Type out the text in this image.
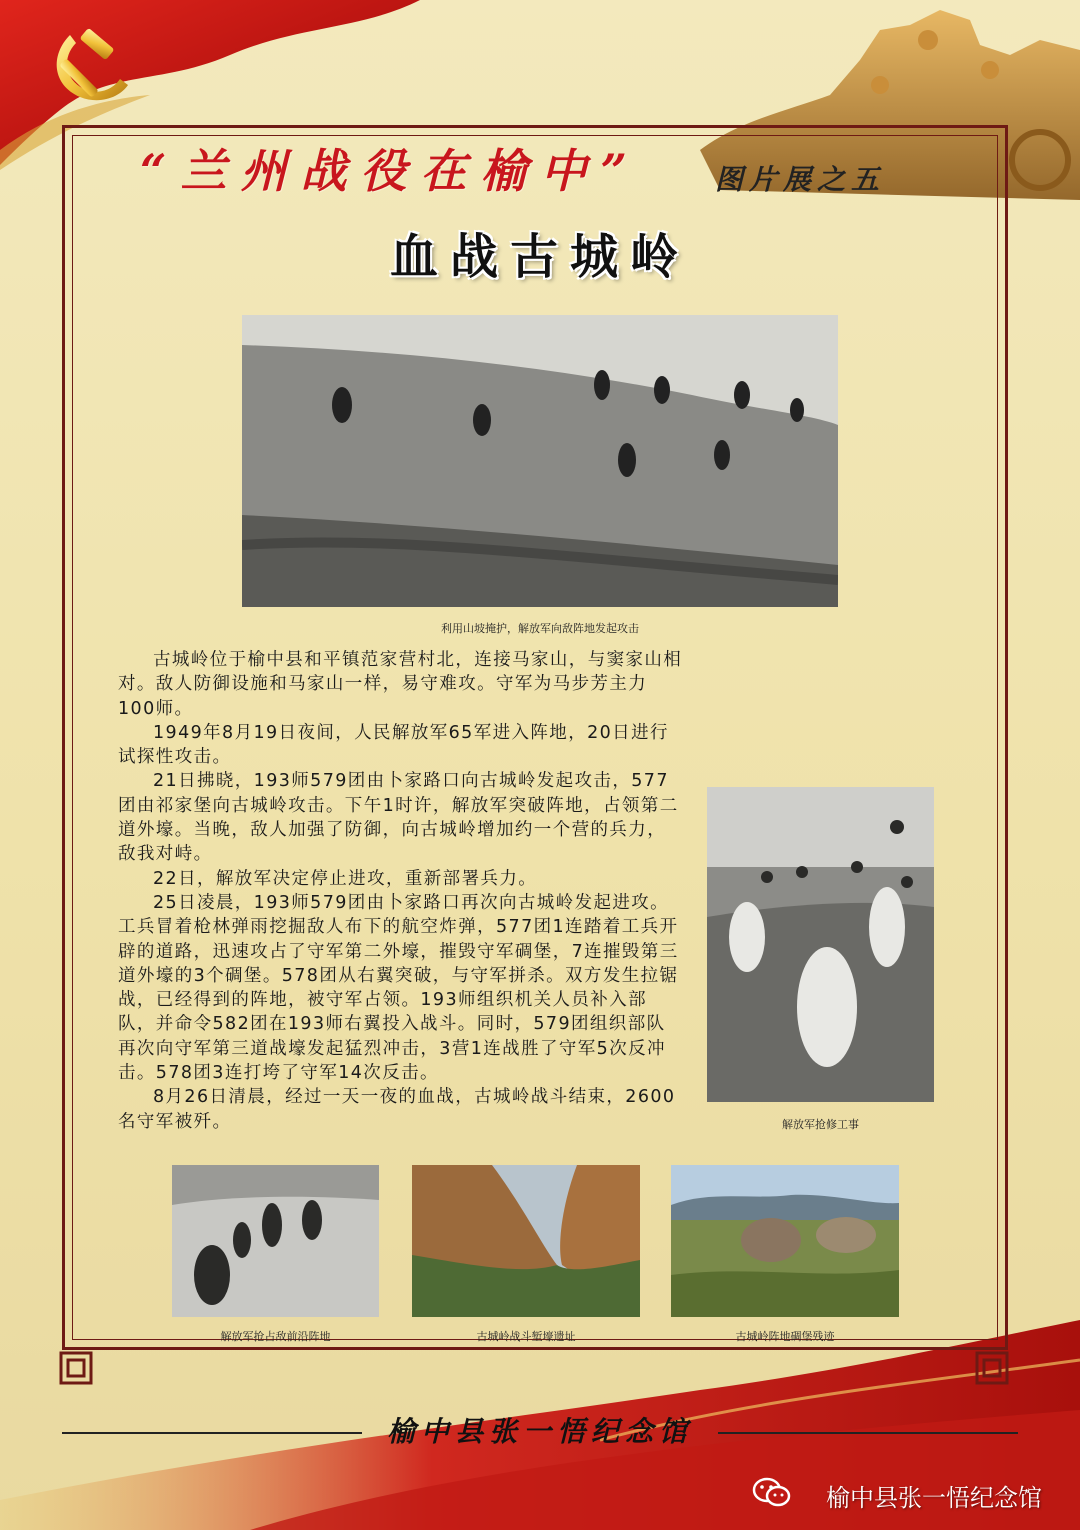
“兰州战役在榆中”	图片展之五
血战古城岭
利用山坡掩护，解放军向敌阵地发起攻击

古城岭位于榆中县和平镇范家营村北，连接马家山，与窦家山相对。敌人防御设施和马家山一样，易守难攻。守军为马步芳主力100师。

1949年8月19日夜间，人民解放军65军进入阵地，20日进行试探性攻击。

21日拂晓，193师579团由卜家路口向古城岭发起攻击，577团由祁家堡向古城岭攻击。下午1时许，解放军突破阵地，占领第二道外壕。当晚，敌人加强了防御，向古城岭增加约一个营的兵力，敌我对峙。

22日，解放军决定停止进攻，重新部署兵力。

25日凌晨，193师579团由卜家路口再次向古城岭发起进攻。工兵冒着枪林弹雨挖掘敌人布下的航空炸弹，577团1连踏着工兵开辟的道路，迅速攻占了守军第二外壕，摧毁守军碉堡，7连摧毁第三道外壕的3个碉堡。578团从右翼突破，与守军拼杀。双方发生拉锯战，已经得到的阵地，被守军占领。193师组织机关人员补入部队，并命令582团在193师右翼投入战斗。同时，579团组织部队再次向守军第三道战壕发起猛烈冲击，3营1连战胜了守军5次反冲击。578团3连打垮了守军14次反击。

8月26日清晨，经过一天一夜的血战，古城岭战斗结束，2600名守军被歼。	解放军抢修工事
解放军抢占敌前沿阵地	古城岭战斗堑壕遗址	古城岭阵地碉堡残迹
榆中县张一悟纪念馆
榆中县张一悟纪念馆
